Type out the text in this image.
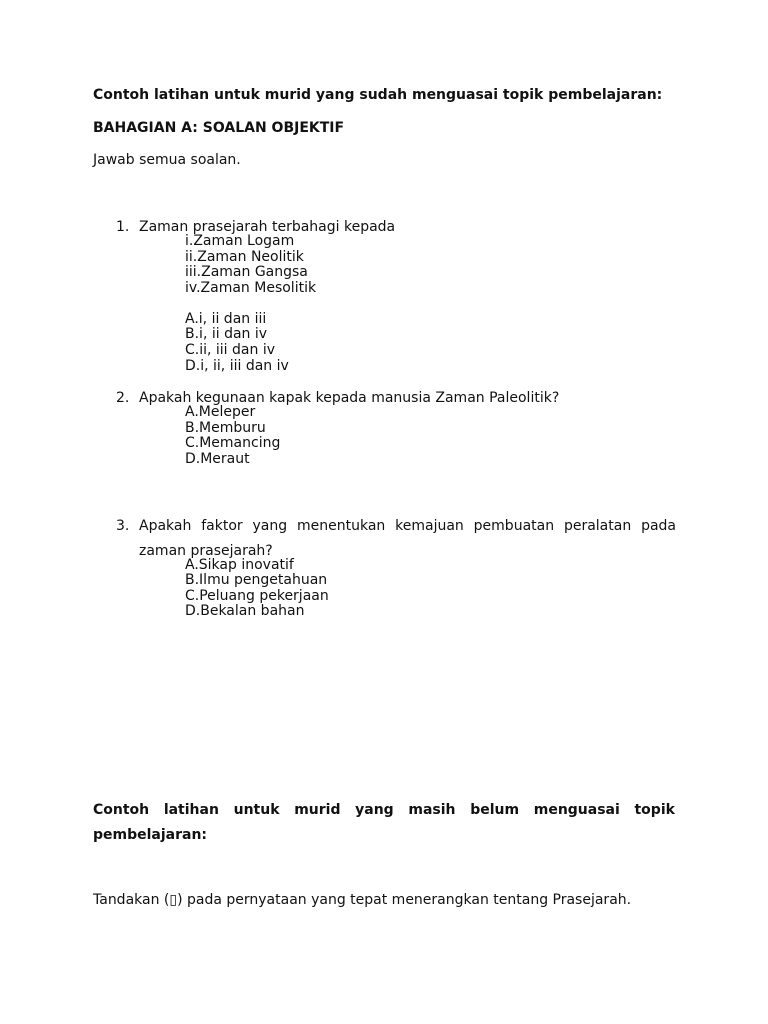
Contoh latihan untuk murid yang sudah menguasai topik pembelajaran:
BAHAGIAN A: SOALAN OBJEKTIF
Jawab semua soalan.
1. Zaman prasejarah terbahagi kepada
i.Zaman Logam
ii.Zaman Neolitik
iii.Zaman Gangsa
iv.Zaman Mesolitik
A.i, ii dan iii
B.i, ii dan iv
C.ii, iii dan iv
D.i, ii, iii dan iv
2. Apakah kegunaan kapak kepada manusia Zaman Paleolitik?
A.Meleper
B.Memburu
C.Memancing
D.Meraut
3. Apakah faktor yang menentukan kemajuan pembuatan peralatan pada
zaman prasejarah?
A.Sikap inovatif
B.Ilmu pengetahuan
C.Peluang pekerjaan
D.Bekalan bahan
Contoh latihan untuk murid yang masih belum menguasai topik
pembelajaran:
Tandakan (▯) pada pernyataan yang tepat menerangkan tentang Prasejarah.
